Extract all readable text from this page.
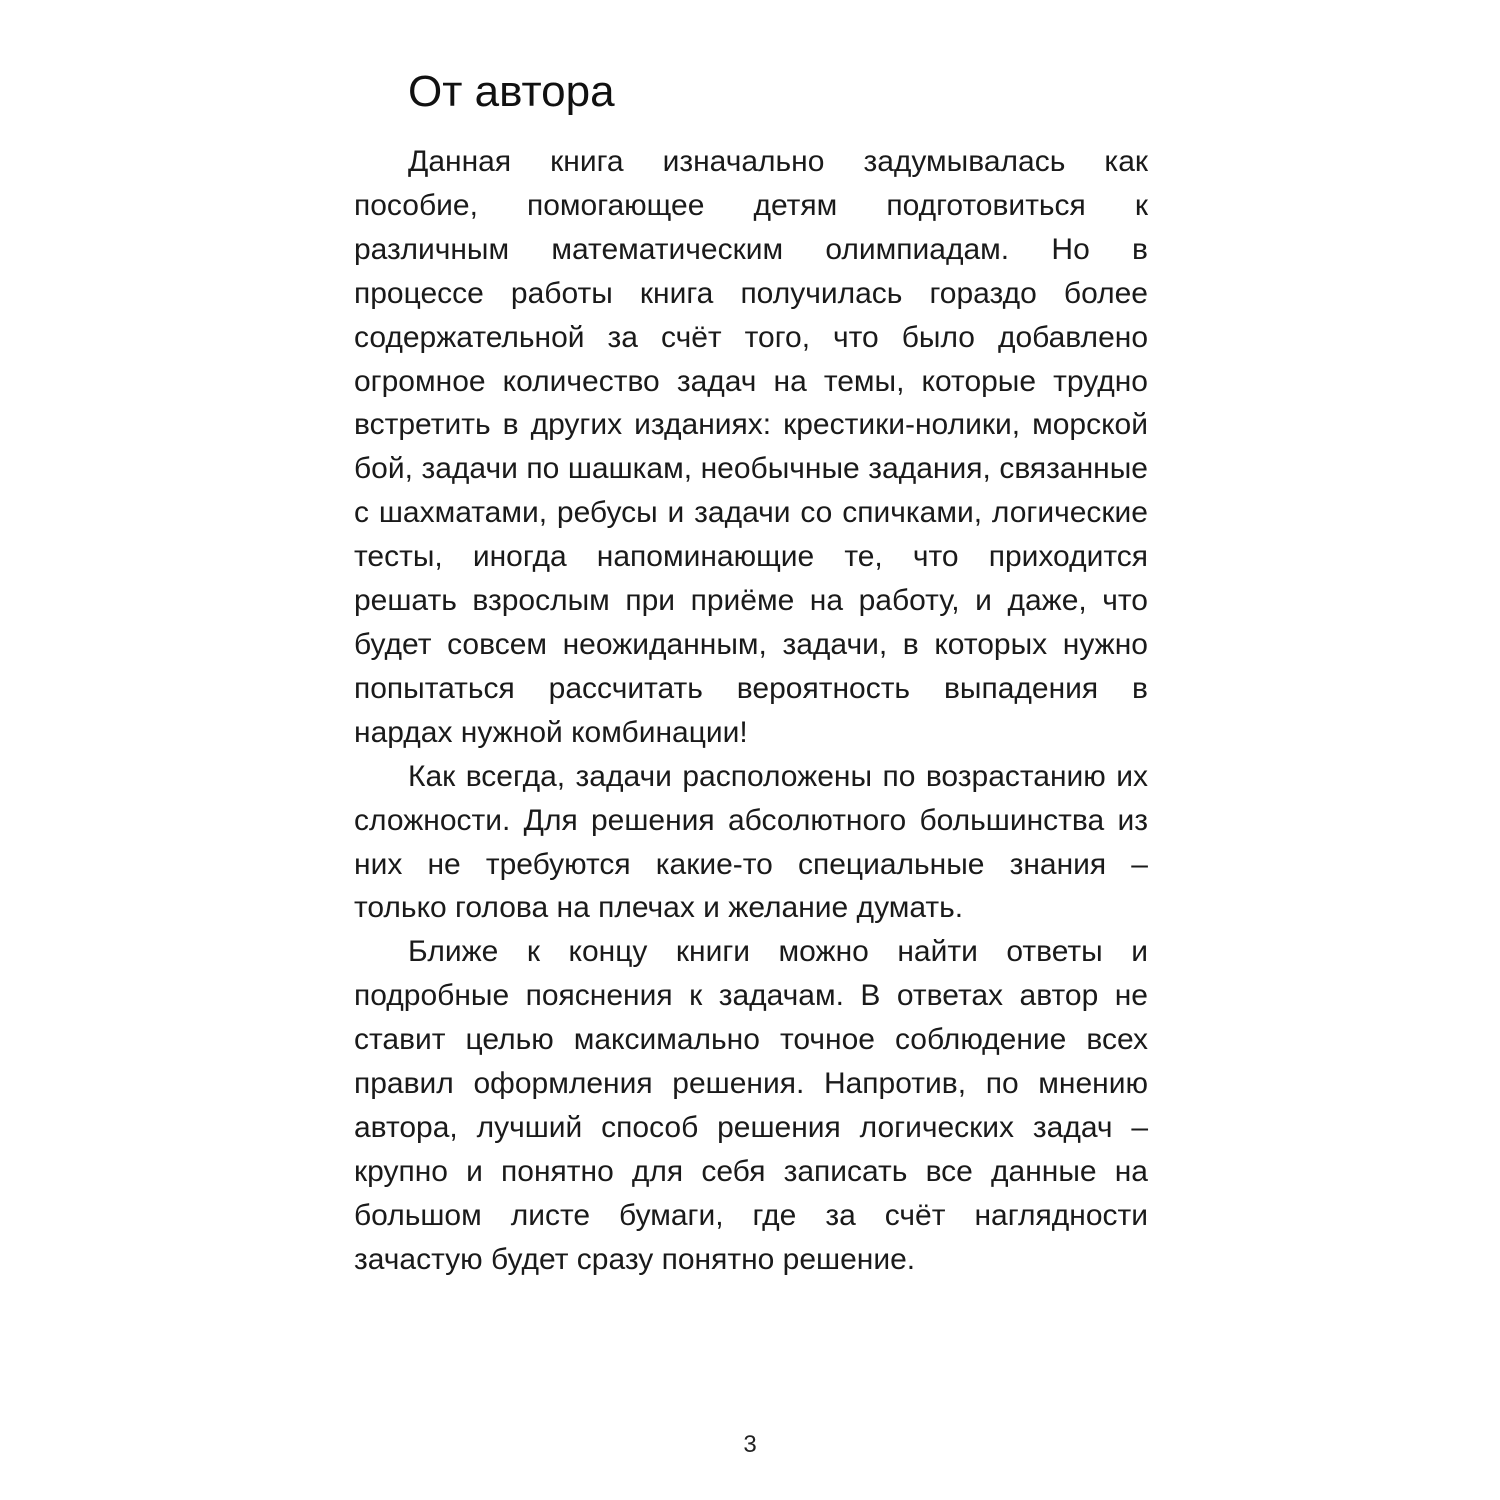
От автора

Данная книга изначально задумывалась как пособие, помогающее детям подготовиться к различным математическим олимпиадам. Но в процессе работы книга получилась гораздо более содержательной за счёт того, что было добавлено огромное количество задач на темы, которые трудно встретить в других изданиях: крестики-нолики, морской бой, задачи по шашкам, необычные задания, связанные с шахматами, ребусы и задачи со спичками, логические тесты, иногда напоминающие те, что приходится решать взрослым при приёме на работу, и даже, что будет совсем неожиданным, задачи, в которых нужно попытаться рассчитать вероятность выпадения в нардах нужной комбинации!

Как всегда, задачи расположены по возрастанию их сложности. Для решения абсолютного большинства из них не требуются какие-то специальные знания – только голова на плечах и желание думать.

Ближе к концу книги можно найти ответы и подробные пояснения к задачам. В ответах автор не ставит целью максимально точное соблюдение всех правил оформления решения. Напротив, по мнению автора, лучший способ решения логических задач – крупно и понятно для себя записать все данные на большом листе бумаги, где за счёт наглядности зачастую будет сразу понятно решение.

3
